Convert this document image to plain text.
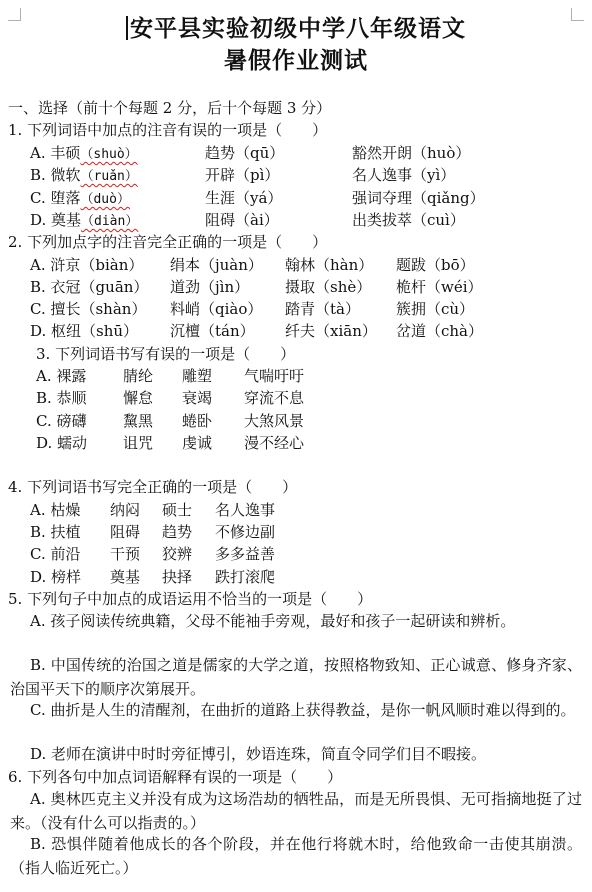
安平县实验初级中学八年级语文
暑假作业测试
一、选择（前十个每题 2 分，后十个每题 3 分）
1. 下列词语中加点的注音有误的一项是（　　）
A. 丰硕（shuò）	趋势（qū）	豁然开朗（huò）
B. 微软（ruǎn）	开辟（pì）	名人逸事（yì）
C. 堕落（duò）	生涯（yá）	强词夺理（qiǎng）
D. 奠基（diàn）	阻碍（ài）	出类拔萃（cuì）
2. 下列加点字的注音完全正确的一项是（　　）
A. 浒京（biàn） 绢本（juàn） 翰林（hàn） 题跋（bō）
B. 衣冠（guān） 道劲（jìn） 摄取（shè） 桅杆（wéi）
C. 擅长（shàn） 料峭（qiào） 踏青（tà） 簇拥（cù）
D. 枢纽（shū） 沉檀（tán） 纤夫（xiān） 岔道（chà）
3. 下列词语书写有误的一项是（　　）
A. 裸露 腈纶 雕塑 气喘吁吁
B. 恭顺 懈怠 衰竭 穿流不息
C. 磅礴 黧黑 蜷卧 大煞风景
D. 蠕动 诅咒 虔诚 漫不经心
4. 下列词语书写完全正确的一项是（　　）
A. 枯燥 纳闷 硕士 名人逸事
B. 扶植 阻碍 趋势 不修边副
C. 前沿 干预 狡辨 多多益善
D. 榜样 奠基 抉择 跌打滚爬
5. 下列句子中加点的成语运用不恰当的一项是（　　）
A. 孩子阅读传统典籍，父母不能袖手旁观，最好和孩子一起研读和辨析。
B. 中国传统的治国之道是儒家的大学之道，按照格物致知、正心诚意、修身齐家、治国平天下的顺序次第展开。
C. 曲折是人生的清醒剂，在曲折的道路上获得教益，是你一帆风顺时难以得到的。
D. 老师在演讲中时时旁征博引，妙语连珠，简直令同学们目不暇接。
6. 下列各句中加点词语解释有误的一项是（　　）
A. 奥林匹克主义并没有成为这场浩劫的牺牲品，而是无所畏惧、无可指摘地挺了过来。（没有什么可以指责的。）
B. 恐惧伴随着他成长的各个阶段，并在他行将就木时，给他致命一击使其崩溃。（指人临近死亡。）
